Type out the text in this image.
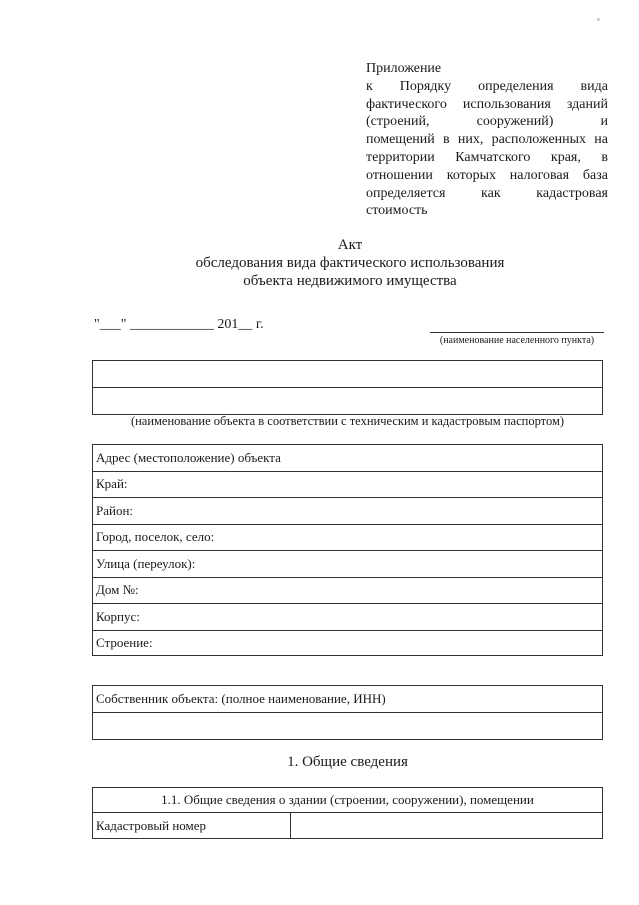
Приложение
к Порядку определения вида
фактического использования зданий
(строений, сооружений) и
помещений в них, расположенных на
территории Камчатского края, в
отношении которых налоговая база
определяется как кадастровая
стоимость
Акт
обследования вида фактического использования
объекта недвижимого имущества
"___" ____________ 201__ г.
(наименование населенного пункта)
(наименование объекта в соответствии с техническим и кадастровым паспортом)
Адрес (местоположение) объекта
Край:
Район:
Город, поселок, село:
Улица (переулок):
Дом №:
Корпус:
Строение:
Собственник объекта: (полное наименование, ИНН)
1. Общие сведения
1.1. Общие сведения о здании (строении, сооружении), помещении
Кадастровый номер
